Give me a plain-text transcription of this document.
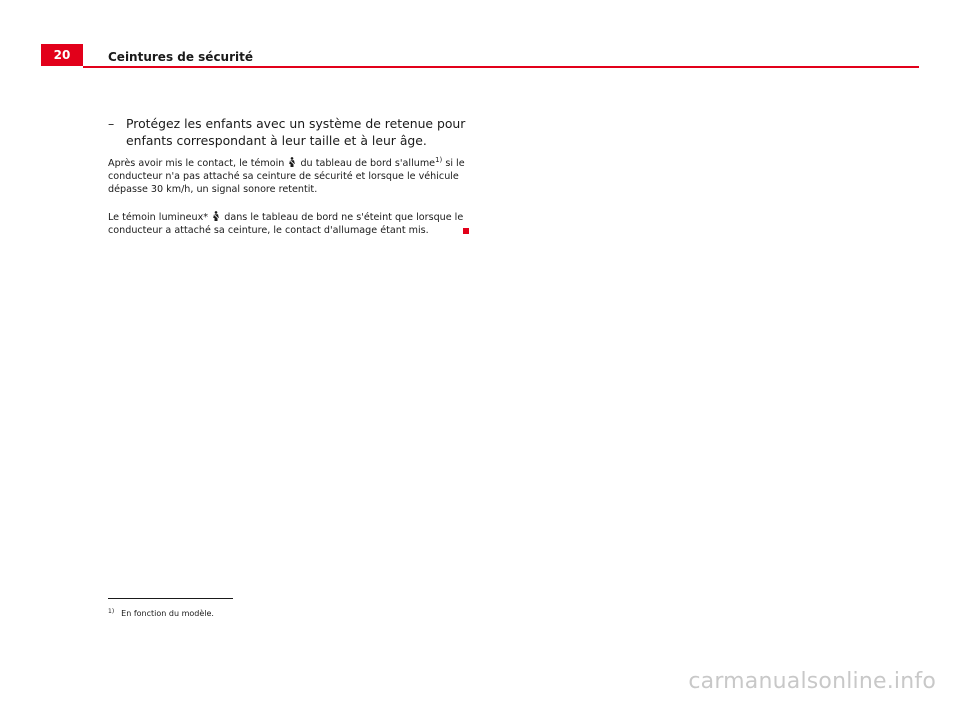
20	Ceintures de sécurité
– Protégez les enfants avec un système de retenue pour enfants correspondant à leur taille et à leur âge.
Après avoir mis le contact, le témoin du tableau de bord s'allume$^{1)}$ si le conducteur n'a pas attaché sa ceinture de sécurité et lorsque le véhicule dépasse 30 km/h, un signal sonore retentit.
Le témoin lumineux* dans le tableau de bord ne s'éteint que lorsque le conducteur a attaché sa ceinture, le contact d'allumage étant mis.
$^{1)}$ En fonction du modèle.
carmanualsonline.info
